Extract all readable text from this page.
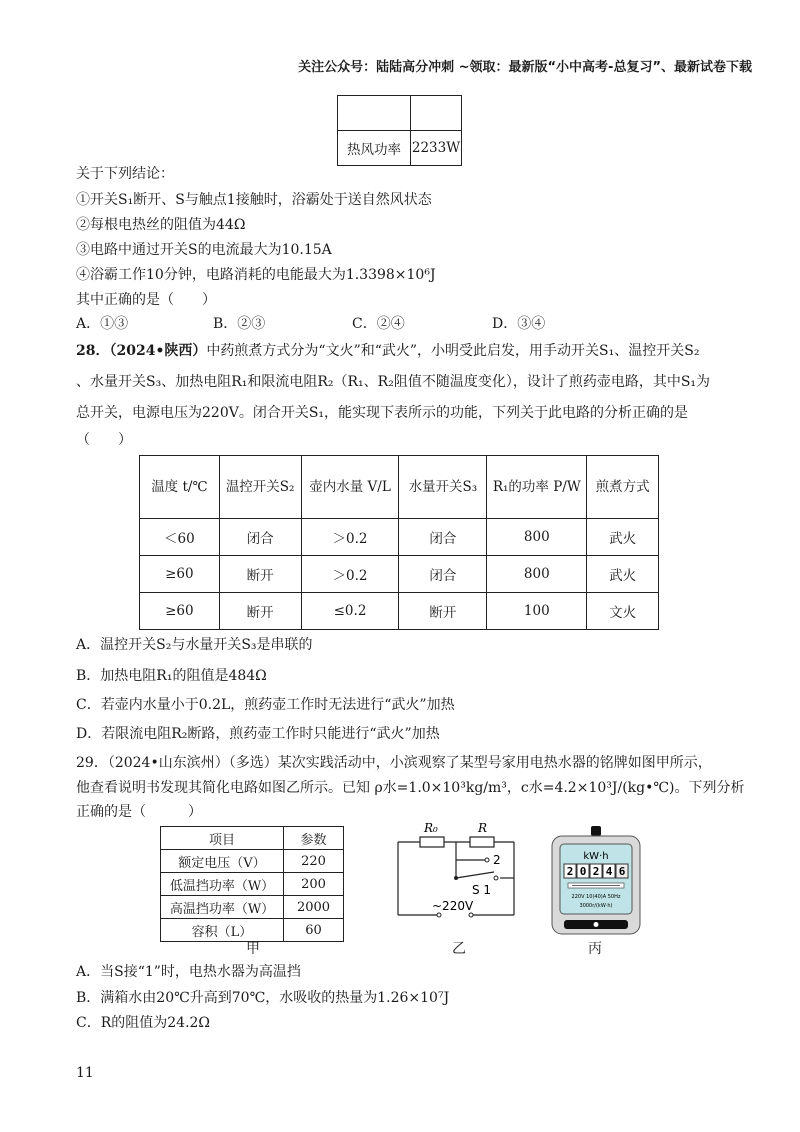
关注公众号：陆陆高分冲刺 ~领取：最新版“小中高考-总复习”、最新试卷下载

热风功率	2233W
关于下列结论：
①开关S₁断开、S与触点1接触时，浴霸处于送自然风状态
②每根电热丝的阻值为44Ω
③电路中通过开关S的电流最大为10.15A
④浴霸工作10分钟，电路消耗的电能最大为1.3398×10⁶J
其中正确的是（　　）
A．①③	B．②③	C．②④	D．③④
28．（2024•陕西）中药煎煮方式分为“文火”和“武火”，小明受此启发，用手动开关S₁、温控开关S₂
、水量开关S₃、加热电阻R₁和限流电阻R₂（R₁、R₂阻值不随温度变化），设计了煎药壶电路，其中S₁为
总开关，电源电压为220V。闭合开关S₁，能实现下表所示的功能，下列关于此电路的分析正确的是
（　　）
温度 t/℃	温控开关S₂	壶内水量 V/L	水量开关S₃	R₁的功率 P/W	煎煮方式
＜60	闭合	＞0.2	闭合	800	武火
≥60	断开	＞0.2	闭合	800	武火
≥60	断开	≤0.2	断开	100	文火
A．温控开关S₂与水量开关S₃是串联的
B．加热电阻R₁的阻值是484Ω
C．若壶内水量小于0.2L，煎药壶工作时无法进行“武火”加热
D．若限流电阻R₂断路，煎药壶工作时只能进行“武火”加热
29．（2024•山东滨州）（多选）某次实践活动中，小滨观察了某型号家用电热水器的铭牌如图甲所示，
他查看说明书发现其简化电路如图乙所示。已知 ρ水=1.0×10³kg/m³，c水=4.2×10³J/(kg•℃)。下列分析
正确的是（　　　）
项目	参数
额定电压（V）	220
低温挡功率（W）	200
高温挡功率（W）	2000
容积（L）	60
甲
R₀	R
2
S 1
~220V
乙
kW·h
2 0 2 4 6
220V 10(40)A 50Hz
3000r/(kW·h)
丙
A．当S接“1”时，电热水器为高温挡
B．满箱水由20℃升高到70℃，水吸收的热量为1.26×10⁷J
C．R的阻值为24.2Ω
11
